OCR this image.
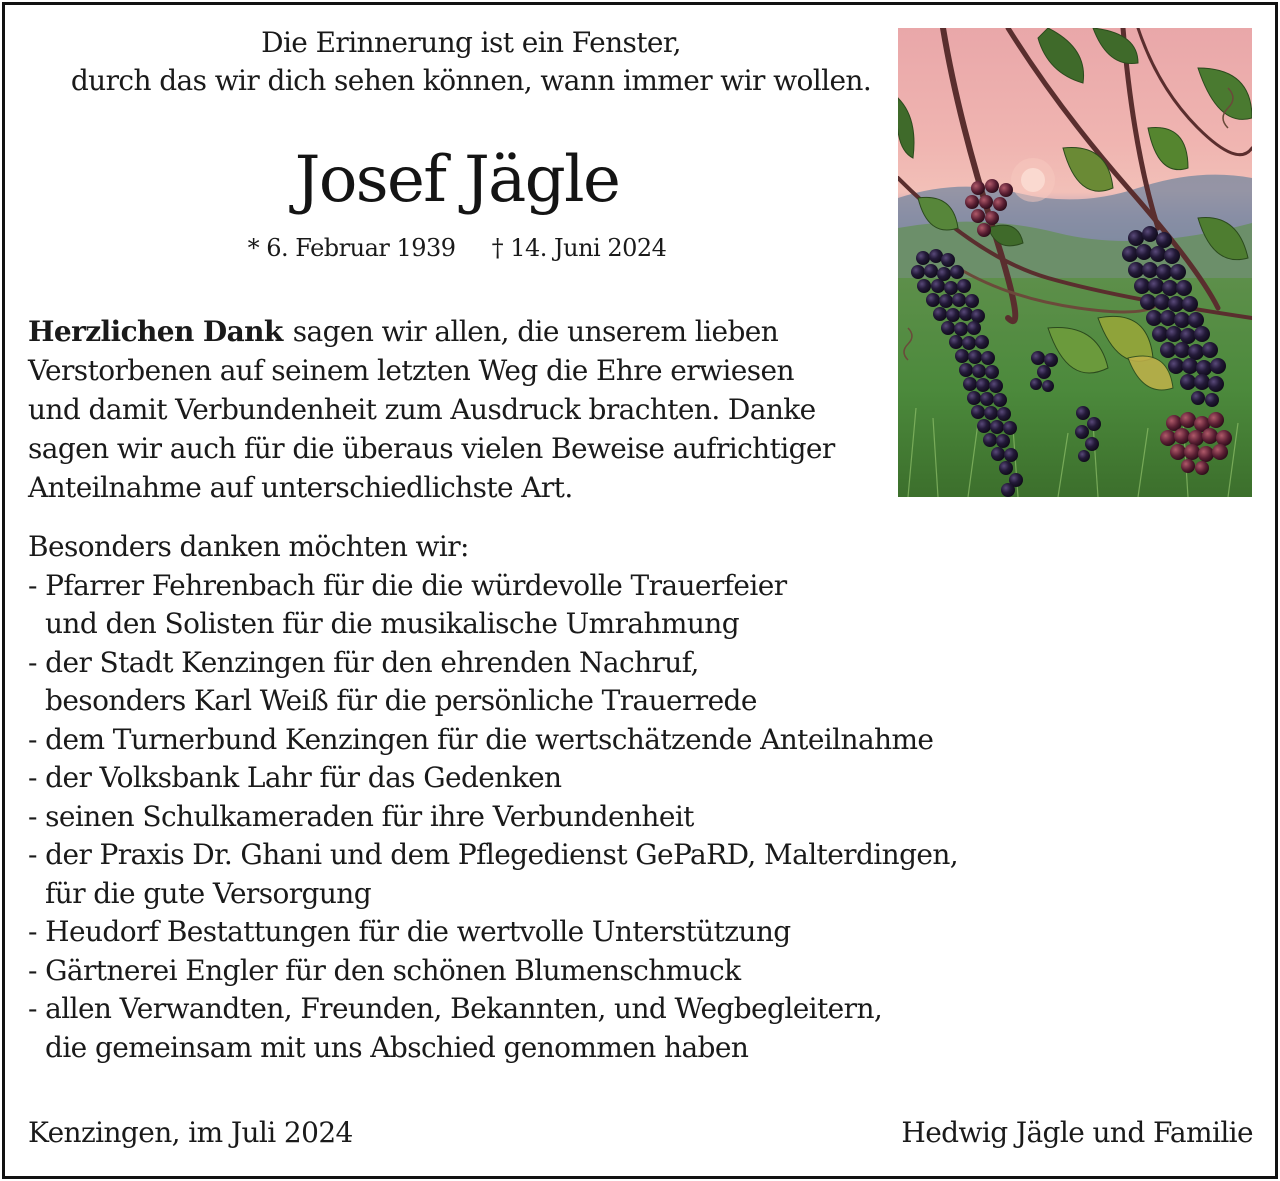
Die Erinnerung ist ein Fenster,
durch das wir dich sehen können, wann immer wir wollen.
Josef Jägle
* 6. Februar 1939 † 14. Juni 2024
Herzlichen Dank sagen wir allen, die unserem lieben
Verstorbenen auf seinem letzten Weg die Ehre erwiesen
und damit Verbundenheit zum Ausdruck brachten. Danke
sagen wir auch für die überaus vielen Beweise aufrichtiger
Anteilnahme auf unterschiedlichste Art.
Besonders danken möchten wir:
- Pfarrer Fehrenbach für die die würdevolle Trauerfeier
und den Solisten für die musikalische Umrahmung
- der Stadt Kenzingen für den ehrenden Nachruf,
besonders Karl Weiß für die persönliche Trauerrede
- dem Turnerbund Kenzingen für die wertschätzende Anteilnahme
- der Volksbank Lahr für das Gedenken
- seinen Schulkameraden für ihre Verbundenheit
- der Praxis Dr. Ghani und dem Pflegedienst GePaRD, Malterdingen,
für die gute Versorgung
- Heudorf Bestattungen für die wertvolle Unterstützung
- Gärtnerei Engler für den schönen Blumenschmuck
- allen Verwandten, Freunden, Bekannten, und Wegbegleitern,
die gemeinsam mit uns Abschied genommen haben
Kenzingen, im Juli 2024	Hedwig Jägle und Familie
